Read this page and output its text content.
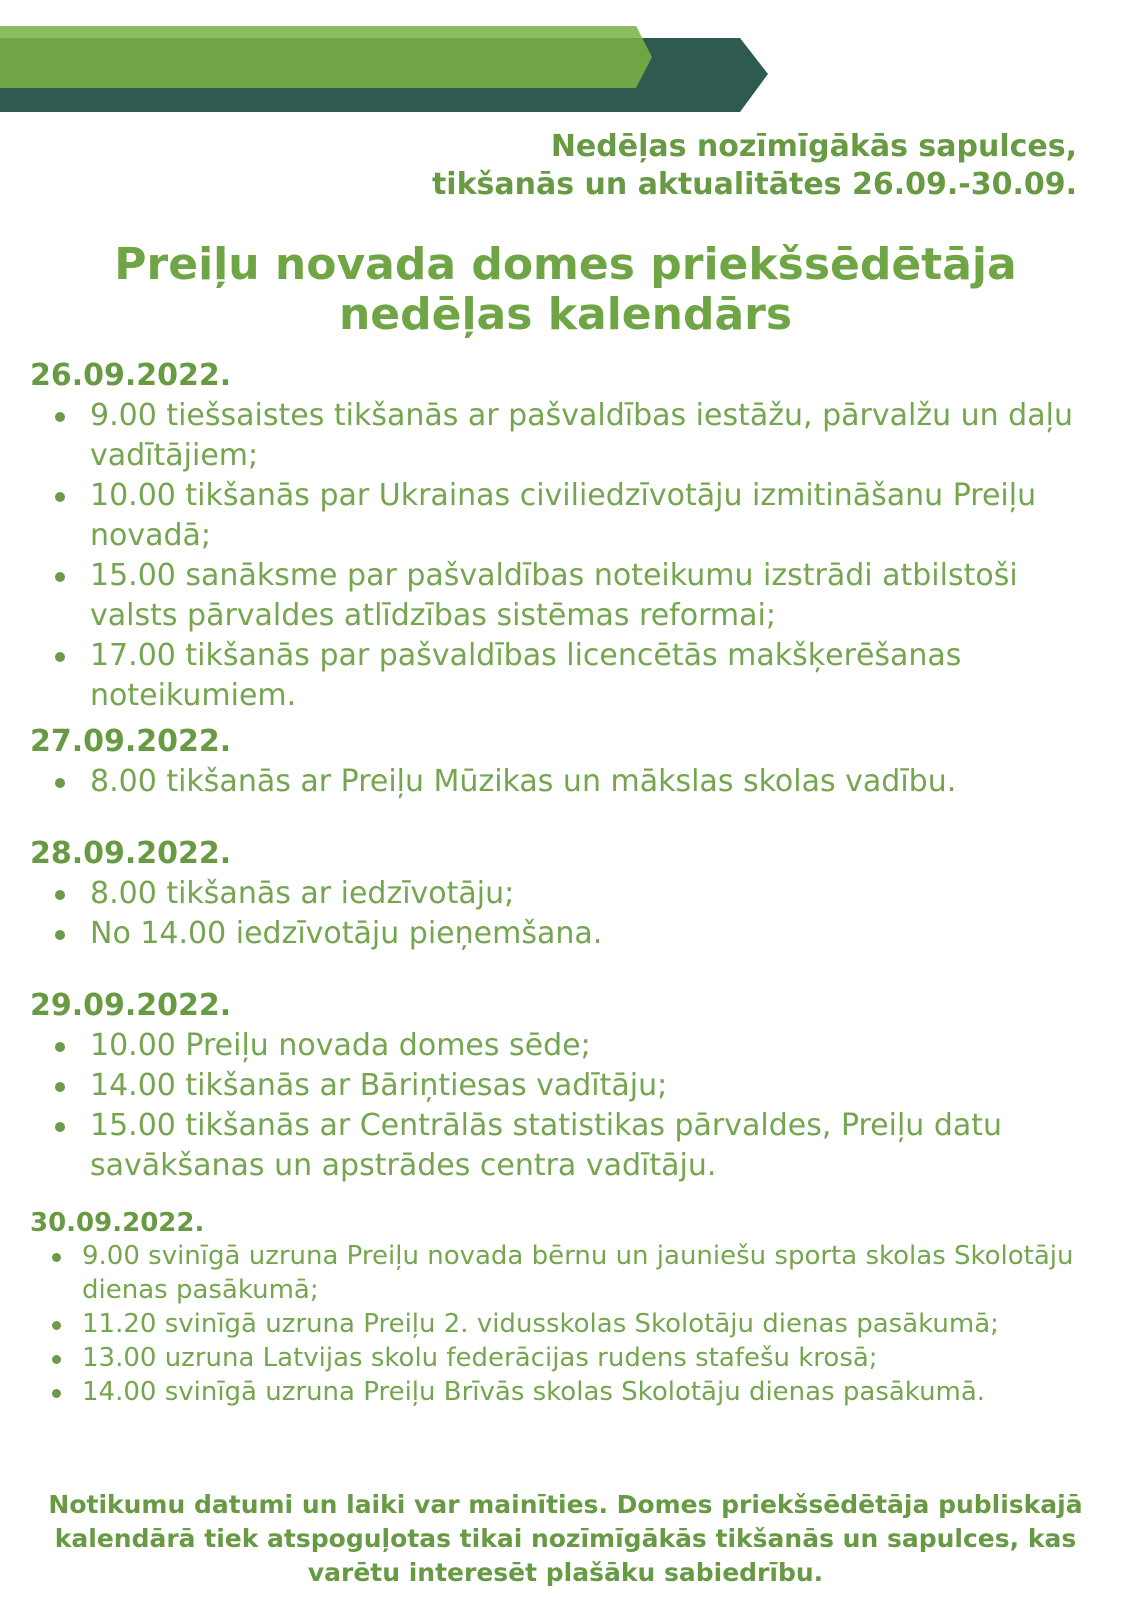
Nedēļas nozīmīgākās sapulces,
tikšanās un aktualitātes 26.09.-30.09.

Preiļu novada domes priekšsēdētāja
nedēļas kalendārs
26.09.2022.
9.00 tiešsaistes tikšanās ar pašvaldības iestāžu, pārvalžu un daļu vadītājiem;
10.00 tikšanās par Ukrainas civiliedzīvotāju izmitināšanu Preiļu novadā;
15.00 sanāksme par pašvaldības noteikumu izstrādi atbilstoši valsts pārvaldes atlīdzības sistēmas reformai;
17.00 tikšanās par pašvaldības licencētās makšķerēšanas noteikumiem.
27.09.2022.
8.00 tikšanās ar Preiļu Mūzikas un mākslas skolas vadību.
28.09.2022.
8.00 tikšanās ar iedzīvotāju;
No 14.00 iedzīvotāju pieņemšana.
29.09.2022.
10.00 Preiļu novada domes sēde;
14.00 tikšanās ar Bāriņtiesas vadītāju;
15.00 tikšanās ar Centrālās statistikas pārvaldes, Preiļu datu savākšanas un apstrādes centra vadītāju.
30.09.2022.
9.00 svinīgā uzruna Preiļu novada bērnu un jauniešu sporta skolas Skolotāju dienas pasākumā;
11.20 svinīgā uzruna Preiļu 2. vidusskolas Skolotāju dienas pasākumā;
13.00 uzruna Latvijas skolu federācijas rudens stafešu krosā;
14.00 svinīgā uzruna Preiļu Brīvās skolas Skolotāju dienas pasākumā.

Notikumu datumi un laiki var mainīties. Domes priekšsēdētāja publiskajā kalendārā tiek atspoguļotas tikai nozīmīgākās tikšanās un sapulces, kas varētu interesēt plašāku sabiedrību.
